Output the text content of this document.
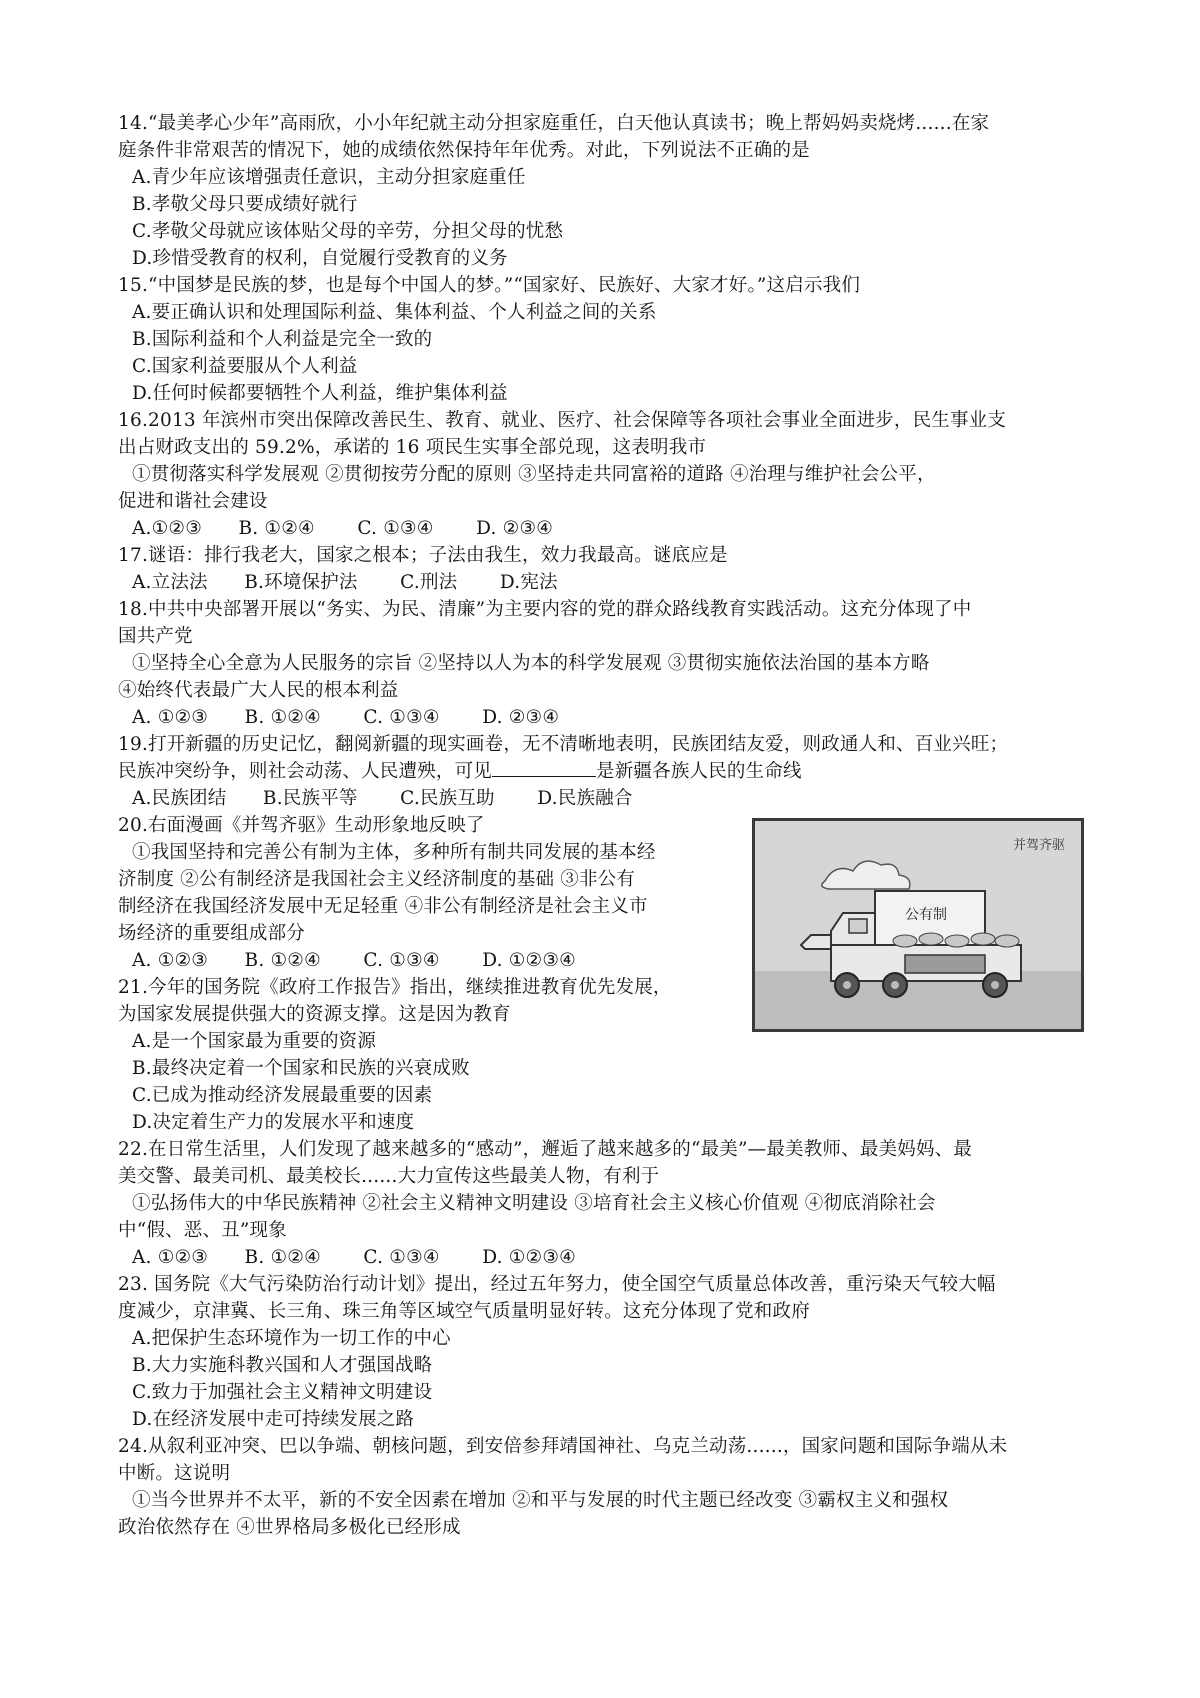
14.“最美孝心少年”高雨欣，小小年纪就主动分担家庭重任，白天他认真读书；晚上帮妈妈卖烧烤......在家
庭条件非常艰苦的情况下，她的成绩依然保持年年优秀。对此，下列说法不正确的是
A.青少年应该增强责任意识，主动分担家庭重任
B.孝敬父母只要成绩好就行
C.孝敬父母就应该体贴父母的辛劳，分担父母的忧愁
D.珍惜受教育的权利，自觉履行受教育的义务
15.“中国梦是民族的梦，也是每个中国人的梦。”“国家好、民族好、大家才好。”这启示我们
A.要正确认识和处理国际利益、集体利益、个人利益之间的关系
B.国际利益和个人利益是完全一致的
C.国家利益要服从个人利益
D.任何时候都要牺牲个人利益，维护集体利益
16.2013 年滨州市突出保障改善民生、教育、就业、医疗、社会保障等各项社会事业全面进步，民生事业支
出占财政支出的 59.2%，承诺的 16 项民生实事全部兑现，这表明我市
①贯彻落实科学发展观 ②贯彻按劳分配的原则 ③坚持走共同富裕的道路 ④治理与维护社会公平，
促进和谐社会建设
A.①②③      B. ①②④       C. ①③④       D. ②③④
17.谜语：排行我老大，国家之根本；子法由我生，效力我最高。谜底应是
A.立法法      B.环境保护法       C.刑法       D.宪法
18.中共中央部署开展以“务实、为民、清廉”为主要内容的党的群众路线教育实践活动。这充分体现了中
国共产党
①坚持全心全意为人民服务的宗旨 ②坚持以人为本的科学发展观 ③贯彻实施依法治国的基本方略
④始终代表最广大人民的根本利益
A. ①②③      B. ①②④       C. ①③④       D. ②③④
19.打开新疆的历史记忆，翻阅新疆的现实画卷，无不清晰地表明，民族团结友爱，则政通人和、百业兴旺；
民族冲突纷争，则社会动荡、人民遭殃，可见	是新疆各族人民的生命线
A.民族团结      B.民族平等       C.民族互助       D.民族融合
20.右面漫画《并驾齐驱》生动形象地反映了
①我国坚持和完善公有制为主体，多种所有制共同发展的基本经
济制度 ②公有制经济是我国社会主义经济制度的基础 ③非公有
制经济在我国经济发展中无足轻重 ④非公有制经济是社会主义市
场经济的重要组成部分
A. ①②③      B. ①②④       C. ①③④       D. ①②③④
21.今年的国务院《政府工作报告》指出，继续推进教育优先发展，
为国家发展提供强大的资源支撑。这是因为教育
A.是一个国家最为重要的资源
B.最终决定着一个国家和民族的兴衰成败
C.已成为推动经济发展最重要的因素
D.决定着生产力的发展水平和速度
22.在日常生活里，人们发现了越来越多的“感动”，邂逅了越来越多的“最美”—最美教师、最美妈妈、最
美交警、最美司机、最美校长......大力宣传这些最美人物，有利于
①弘扬伟大的中华民族精神 ②社会主义精神文明建设 ③培育社会主义核心价值观 ④彻底消除社会
中“假、恶、丑”现象
A. ①②③      B. ①②④       C. ①③④       D. ①②③④
23. 国务院《大气污染防治行动计划》提出，经过五年努力，使全国空气质量总体改善，重污染天气较大幅
度减少，京津冀、长三角、珠三角等区域空气质量明显好转。这充分体现了党和政府
A.把保护生态环境作为一切工作的中心
B.大力实施科教兴国和人才强国战略
C.致力于加强社会主义精神文明建设
D.在经济发展中走可持续发展之路
24.从叙利亚冲突、巴以争端、朝核问题，到安倍参拜靖国神社、乌克兰动荡......，国家问题和国际争端从未
中断。这说明
①当今世界并不太平，新的不安全因素在增加 ②和平与发展的时代主题已经改变 ③霸权主义和强权
政治依然存在 ④世界格局多极化已经形成
并驾齐驱
公有制
